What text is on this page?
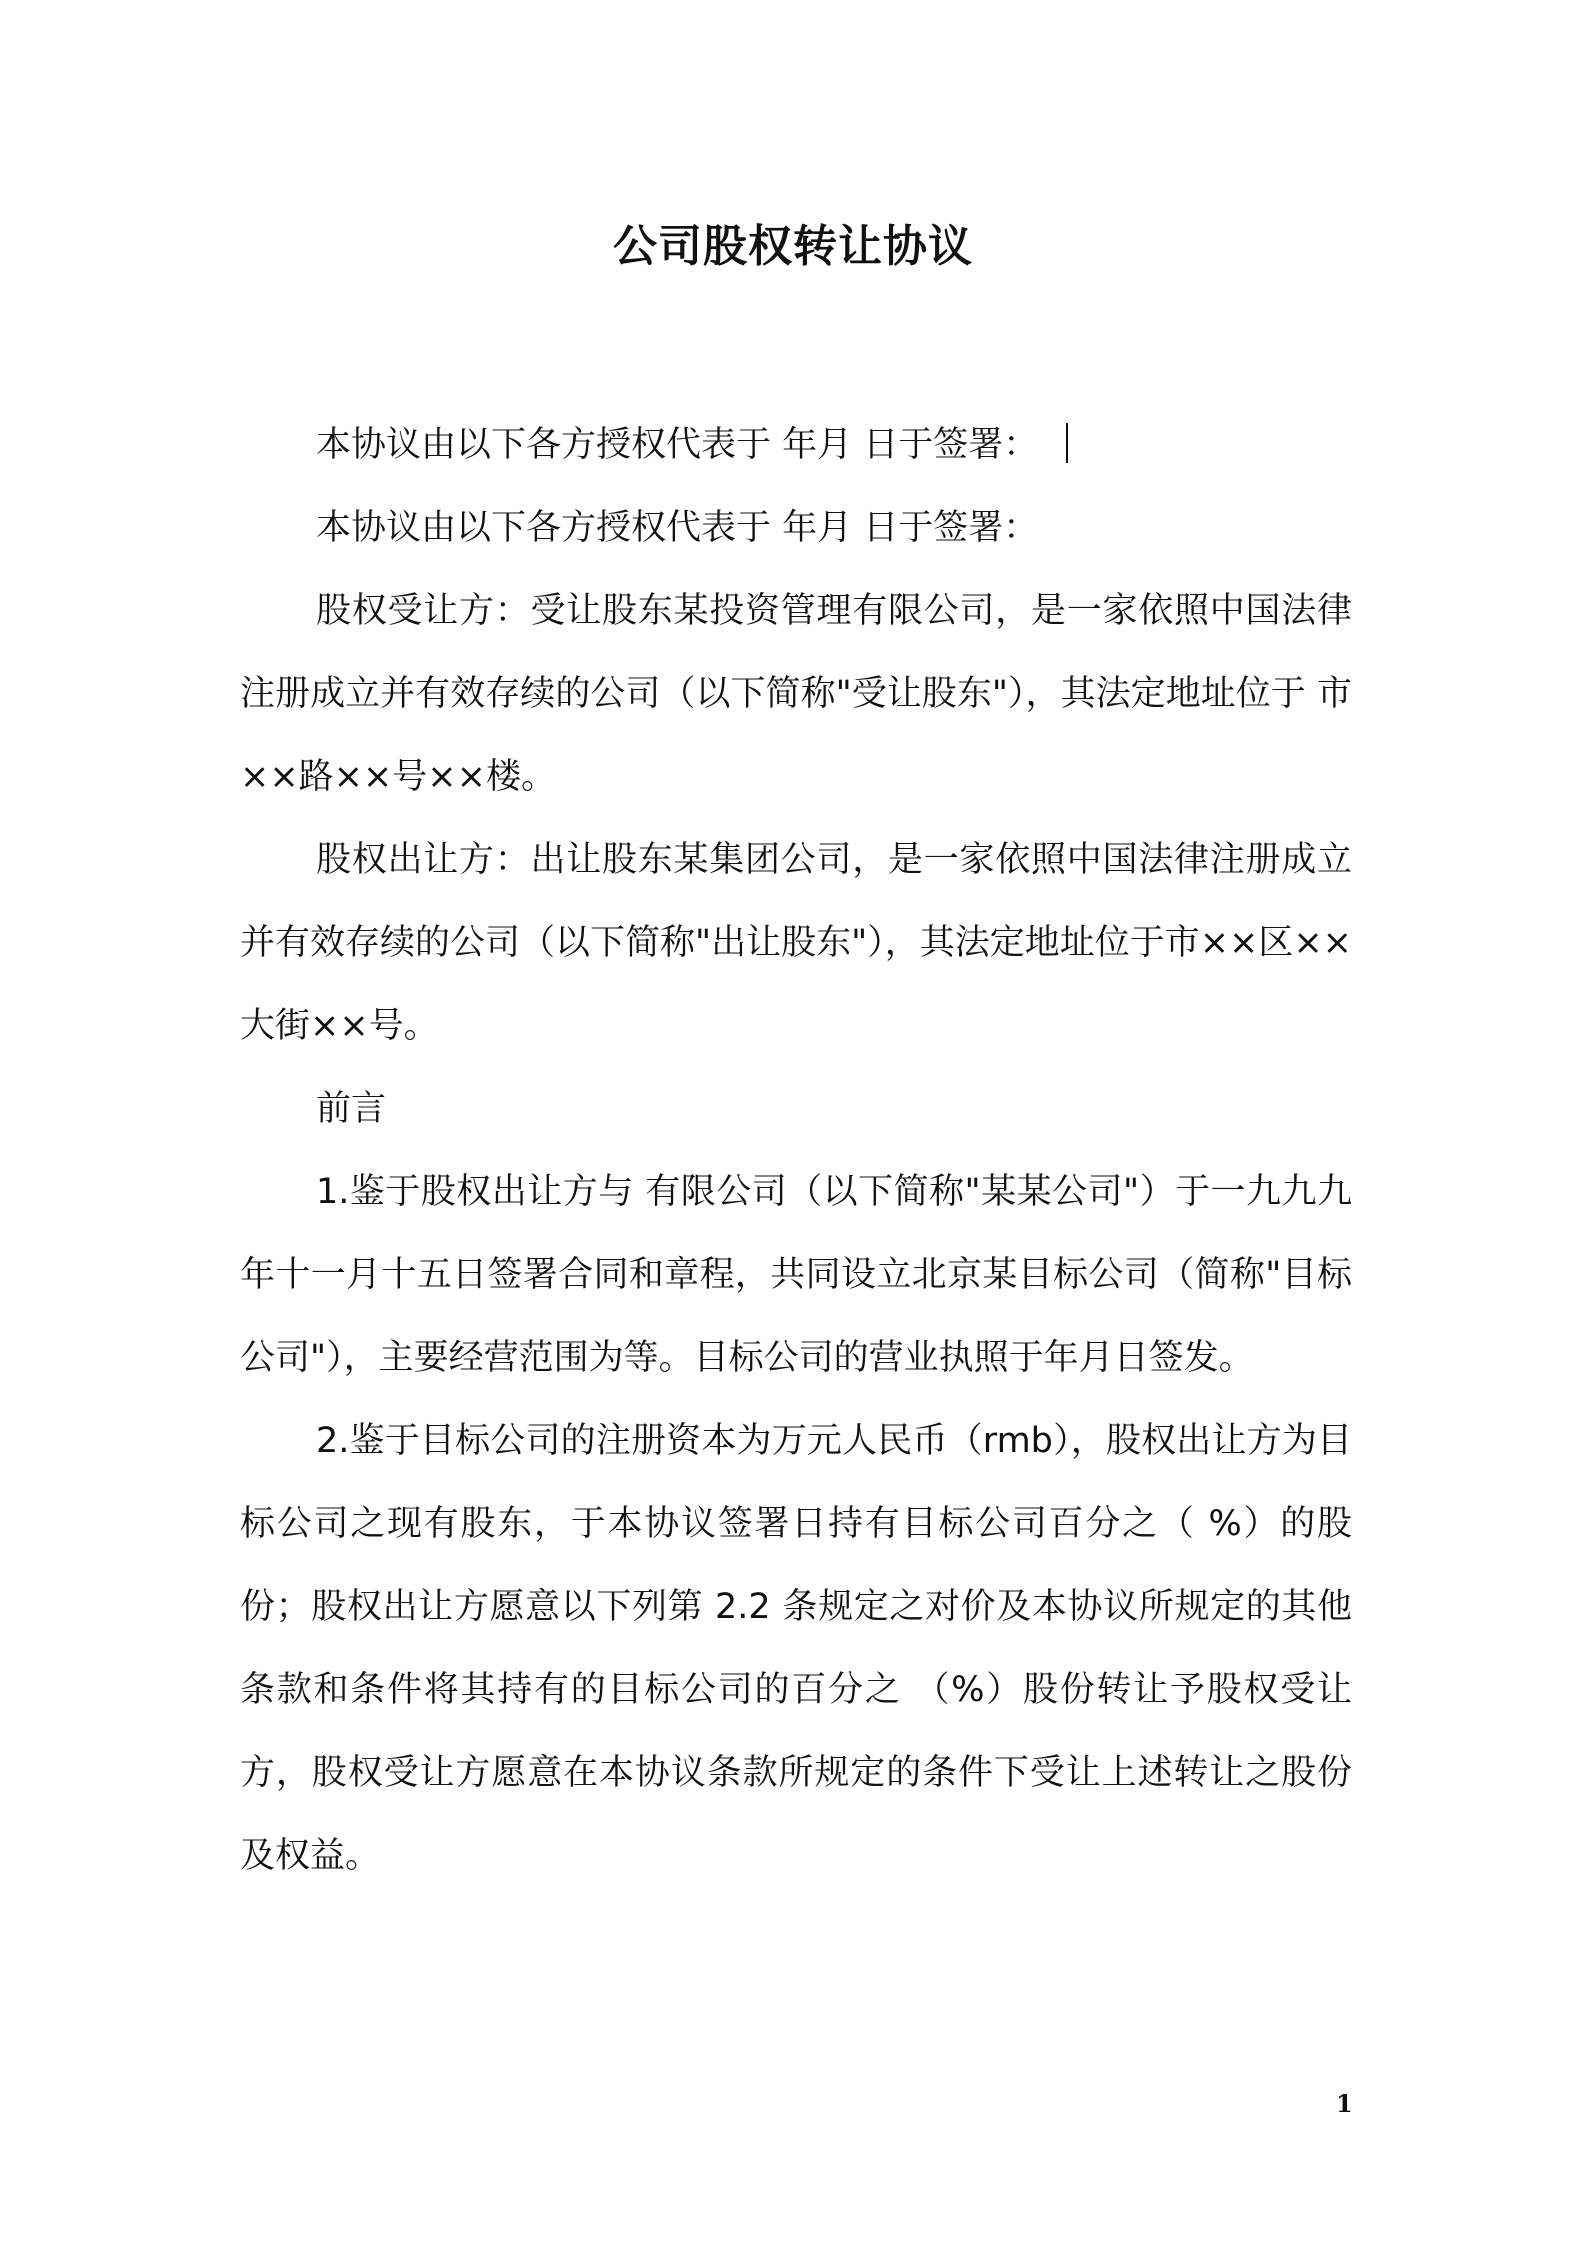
公司股权转让协议

本协议由以下各方授权代表于 年月 日于签署：

本协议由以下各方授权代表于 年月 日于签署：

股权受让方：受让股东某投资管理有限公司，是一家依照中国法律注册成立并有效存续的公司（以下简称"受让股东"），其法定地址位于 市××路××号××楼。

股权出让方：出让股东某集团公司，是一家依照中国法律注册成立并有效存续的公司（以下简称"出让股东"），其法定地址位于市××区××大街××号。

前言

1.鉴于股权出让方与 有限公司（以下简称"某某公司"）于一九九九年十一月十五日签署合同和章程，共同设立北京某目标公司（简称"目标公司"），主要经营范围为等。目标公司的营业执照于年月日签发。

2.鉴于目标公司的注册资本为万元人民币（rmb），股权出让方为目标公司之现有股东，于本协议签署日持有目标公司百分之（ %）的股份；股权出让方愿意以下列第 2.2 条规定之对价及本协议所规定的其他条款和条件将其持有的目标公司的百分之 （%）股份转让予股权受让方，股权受让方愿意在本协议条款所规定的条件下受让上述转让之股份及权益。

1
